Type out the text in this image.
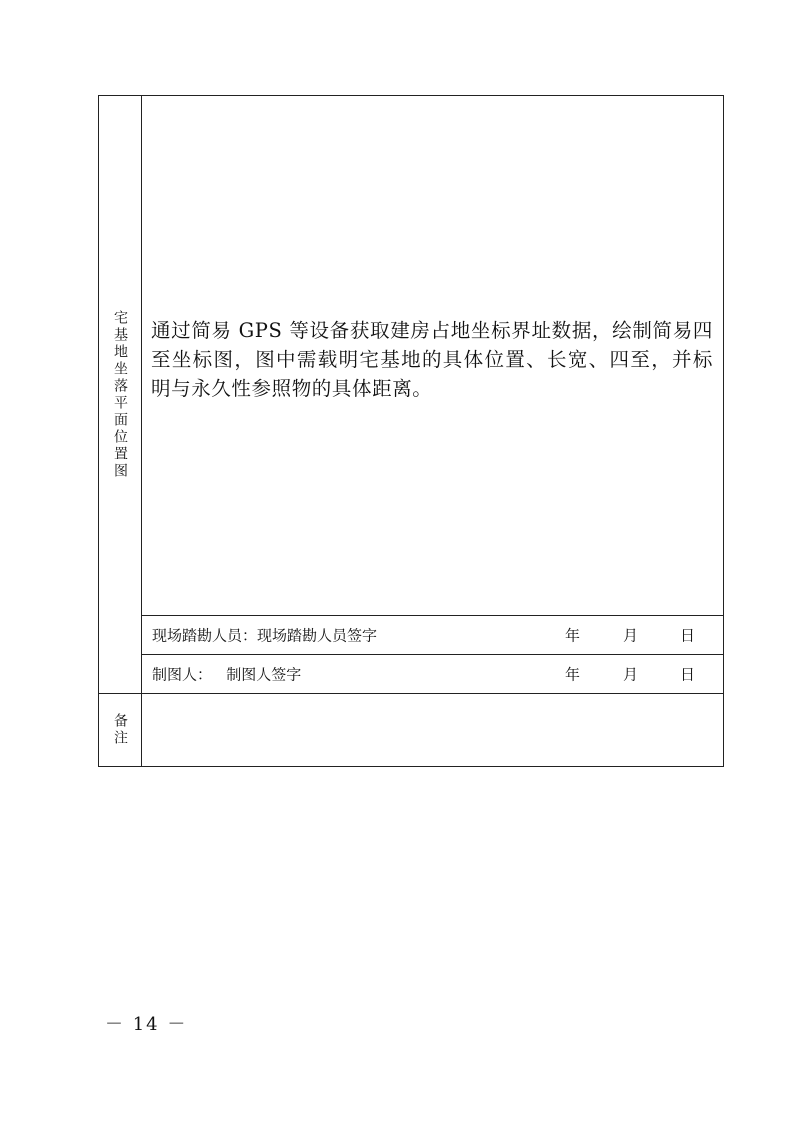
宅基地坐落平面位置图	通过简易 GPS 等设备获取建房占地坐标界址数据，绘制简易四至坐标图，图中需载明宅基地的具体位置、长宽、四至，并标明与永久性参照物的具体距离。

	现场踏勘人员：现场踏勘人员签字 年 月 日

	制图人：   制图人签字 年 月 日

备注	

－ 14 －
